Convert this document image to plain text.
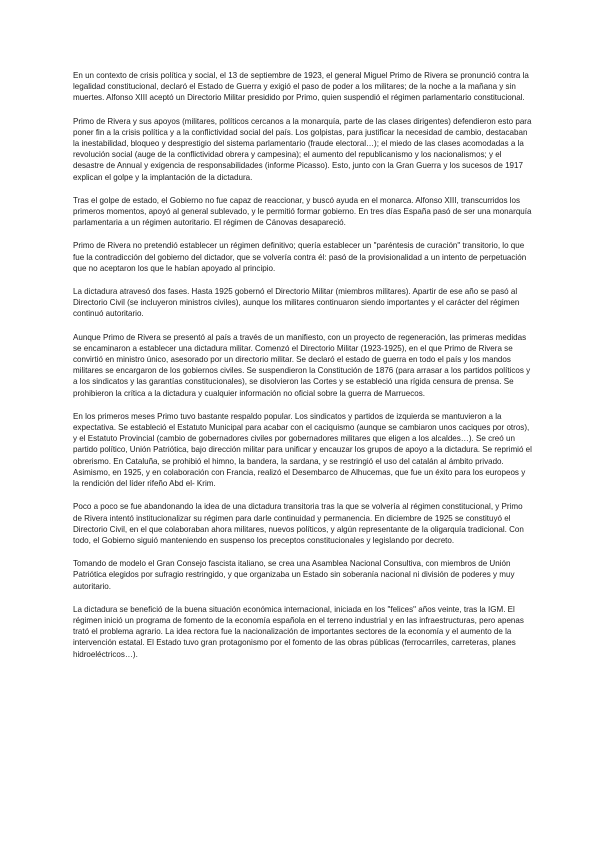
En un contexto de crisis política y social, el 13 de septiembre de 1923, el general Miguel Primo de Rivera se pronunció contra la legalidad constitucional, declaró el Estado de Guerra y exigió el paso de poder a los militares; de la noche a la mañana y sin muertes. Alfonso XIII aceptó un Directorio Militar presidido por Primo, quien suspendió el régimen parlamentario constitucional.

Primo de Rivera y sus apoyos (militares, políticos cercanos a la monarquía, parte de las clases dirigentes) defendieron esto para poner fin a la crisis política y a la conflictividad social del país. Los golpistas, para justificar la necesidad de cambio, destacaban la inestabilidad, bloqueo y desprestigio del sistema parlamentario (fraude electoral…); el miedo de las clases acomodadas a la revolución social (auge de la conflictividad obrera y campesina); el aumento del republicanismo y los nacionalismos; y el desastre de Annual y exigencia de responsabilidades (informe Picasso). Esto, junto con la Gran Guerra y los sucesos de 1917 explican el golpe y la implantación de la dictadura.

Tras el golpe de estado, el Gobierno no fue capaz de reaccionar, y buscó ayuda en el monarca. Alfonso XIII, transcurridos los primeros momentos, apoyó al general sublevado, y le permitió formar gobierno. En tres días España pasó de ser una monarquía parlamentaria a un régimen autoritario. El régimen de Cánovas desapareció.

Primo de Rivera no pretendió establecer un régimen definitivo; quería establecer un "paréntesis de curación" transitorio, lo que fue la contradicción del gobierno del dictador, que se volvería contra él: pasó de la provisionalidad a un intento de perpetuación que no aceptaron los que le habían apoyado al principio.

La dictadura atravesó dos fases. Hasta 1925 gobernó el Directorio Militar (miembros militares). Apartir de ese año se pasó al Directorio Civil (se incluyeron ministros civiles), aunque los militares continuaron siendo importantes y el carácter del régimen continuó autoritario.

Aunque Primo de Rivera se presentó al país a través de un manifiesto, con un proyecto de regeneración, las primeras medidas se encaminaron a establecer una dictadura militar. Comenzó el Directorio Militar (1923-1925), en el que Primo de Rivera se convirtió en ministro único, asesorado por un directorio militar. Se declaró el estado de guerra en todo el país y los mandos militares se encargaron de los gobiernos civiles. Se suspendieron la Constitución de 1876 (para arrasar a los partidos políticos y a los sindicatos y las garantías constitucionales), se disolvieron las Cortes y se estableció una rígida censura de prensa. Se prohibieron la crítica a la dictadura y cualquier información no oficial sobre la guerra de Marruecos.

En los primeros meses Primo tuvo bastante respaldo popular. Los sindicatos y partidos de izquierda se mantuvieron a la expectativa. Se estableció el Estatuto Municipal para acabar con el caciquismo (aunque se cambiaron unos caciques por otros), y el Estatuto Provincial (cambio de gobernadores civiles por gobernadores militares que eligen a los alcaldes…). Se creó un partido político, Unión Patriótica, bajo dirección militar para unificar y encauzar los grupos de apoyo a la dictadura. Se reprimió el obrerismo. En Cataluña, se prohibió el himno, la bandera, la sardana, y se restringió el uso del catalán al ámbito privado. Asimismo, en 1925, y en colaboración con Francia, realizó el Desembarco de Alhucemas, que fue un éxito para los europeos y la rendición del líder rifeño Abd el- Krim.

Poco a poco se fue abandonando la idea de una dictadura transitoria tras la que se volvería al régimen constitucional, y Primo de Rivera intentó institucionalizar su régimen para darle continuidad y permanencia. En diciembre de 1925 se constituyó el Directorio Civil, en el que colaboraban ahora militares, nuevos políticos, y algún representante de la oligarquía tradicional. Con todo, el Gobierno siguió manteniendo en suspenso los preceptos constitucionales y legislando por decreto.

Tomando de modelo el Gran Consejo fascista italiano, se crea una Asamblea Nacional Consultiva, con miembros de Unión Patriótica elegidos por sufragio restringido, y que organizaba un Estado sin soberanía nacional ni división de poderes y muy autoritario.

La dictadura se benefició de la buena situación económica internacional, iniciada en los "felices" años veinte, tras la IGM. El régimen inició un programa de fomento de la economía española en el terreno industrial y en las infraestructuras, pero apenas trató el problema agrario. La idea rectora fue la nacionalización de importantes sectores de la economía y el aumento de la intervención estatal. El Estado tuvo gran protagonismo por el fomento de las obras públicas (ferrocarriles, carreteras, planes hidroeléctricos…).
